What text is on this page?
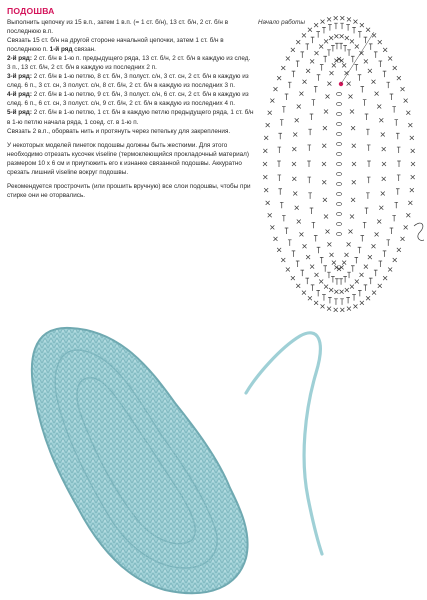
ПОДОШВА

Выполнить цепочку из 15 в.п., затем 1 в.п. (= 1 ст. б/н), 13 ст. б/н, 2 ст. б/н в последнюю в.п.

Связать 15 ст. б/н на другой стороне начальной цепочки, затем 1 ст. б/н в последнюю п. 1-й ряд связан.

2-й ряд: 2 ст. б/н в 1-ю п. предыдущего ряда, 13 ст. б/н, 2 ст. б/н в каждую из след. 3 п., 13 ст. б/н, 2 ст. б/н в каждую из последних 2 п.

3-й ряд: 2 ст. б/н в 1-ю петлю, 8 ст. б/н, 3 полуст. с/н, 3 ст. сн, 2 ст. б/н в каждую из след. 6 п., 3 ст. сн, 3 полуст. с/н, 8 ст. б/н, 2 ст. б/н в каждую из последних 3 п.

4-й ряд: 2 ст. б/н в 1-ю петлю, 9 ст. б/н, 3 полуст. с/н, 6 ст. сн, 2 ст. б/н в каждую из след. 6 п., 6 ст. сн, 3 полуст. с/н, 9 ст. б/н, 2 ст. б/н в каждую из последних 4 п.

5-й ряд: 2 ст. б/н в 1-ю петлю, 1 ст. б/н в каждую петлю предыдущего ряда, 1 ст. б/н в 1-ю петлю начала ряда, 1 соед. ст. в 1-ю п.

Связать 2 в.п., оборвать нить и протянуть через петельку для закрепления.

У некоторых моделей пинеток подошвы должны быть жесткими. Для этого необходимо отрезать кусочек viseline (термоклеющийся прокладочный материал) размером 10 х 6 см и приутюжить его к изнанке связанной подошвы. Аккуратно срезать лишний viseline вокруг подошвы.

Рекомендуется прострочить (или прошить вручную) все слои подошвы, чтобы при стирке они не оторвались.

Начало работы
